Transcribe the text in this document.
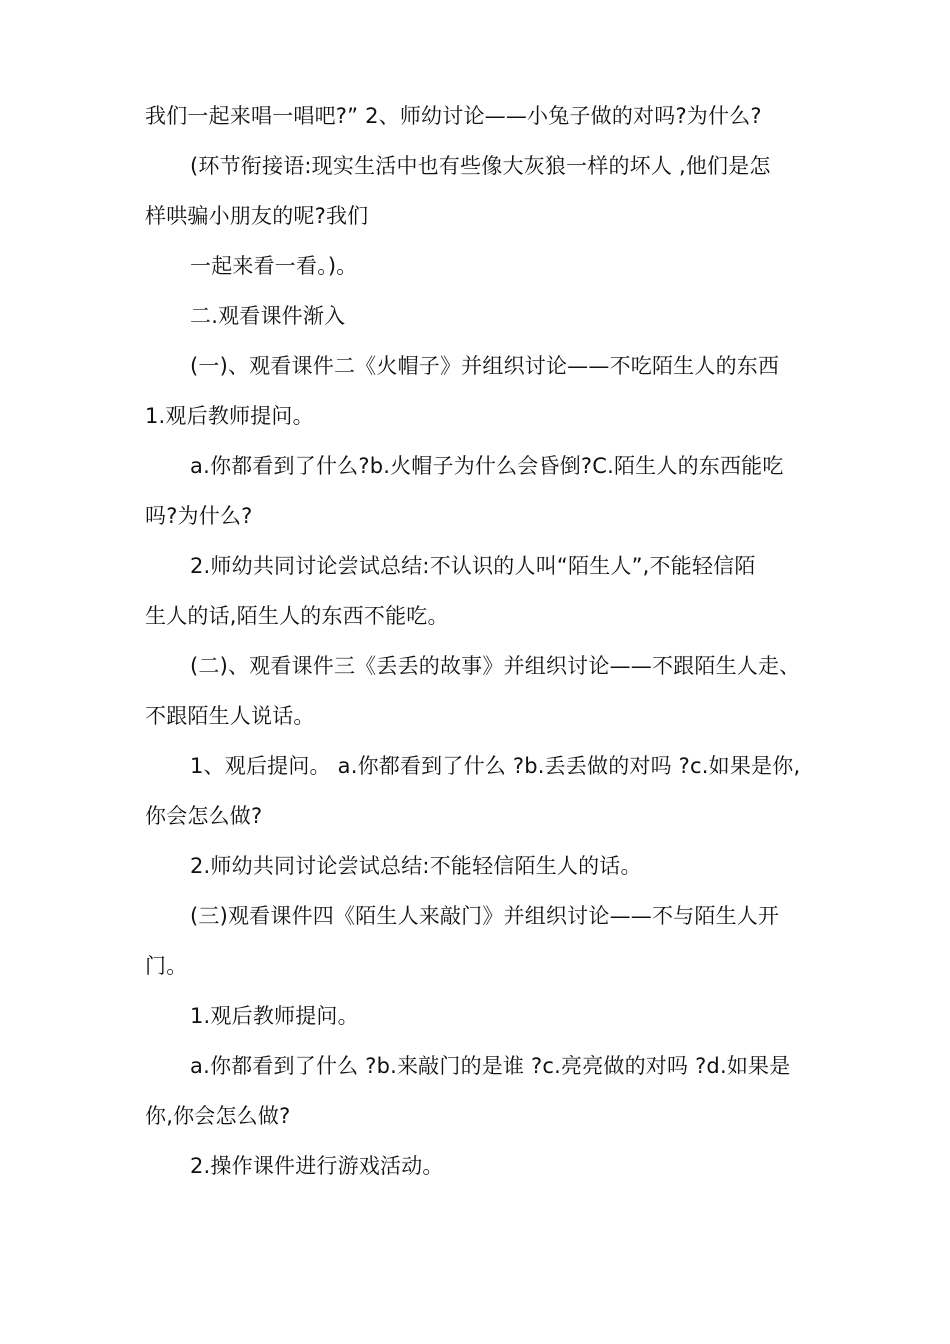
我们一起来唱一唱吧?” 2、师幼讨论——小兔子做的对吗?为什么?
(环节衔接语:现实生活中也有些像大灰狼一样的坏人 ,他们是怎
样哄骗小朋友的呢?我们
一起来看一看。)。
二.观看课件渐入
(一)、观看课件二《火帽子》并组织讨论——不吃陌生人的东西
1.观后教师提问。
a.你都看到了什么?b.火帽子为什么会昏倒?C.陌生人的东西能吃
吗?为什么?
2.师幼共同讨论尝试总结:不认识的人叫“陌生人”,不能轻信陌
生人的话,陌生人的东西不能吃。
(二)、观看课件三《丢丢的故事》并组织讨论——不跟陌生人走、
不跟陌生人说话。
1、观后提问。 a.你都看到了什么 ?b.丢丢做的对吗 ?c.如果是你,
你会怎么做?
2.师幼共同讨论尝试总结:不能轻信陌生人的话。
(三)观看课件四《陌生人来敲门》并组织讨论——不与陌生人开
门。
1.观后教师提问。
a.你都看到了什么 ?b.来敲门的是谁 ?c.亮亮做的对吗 ?d.如果是
你,你会怎么做?
2.操作课件进行游戏活动。
